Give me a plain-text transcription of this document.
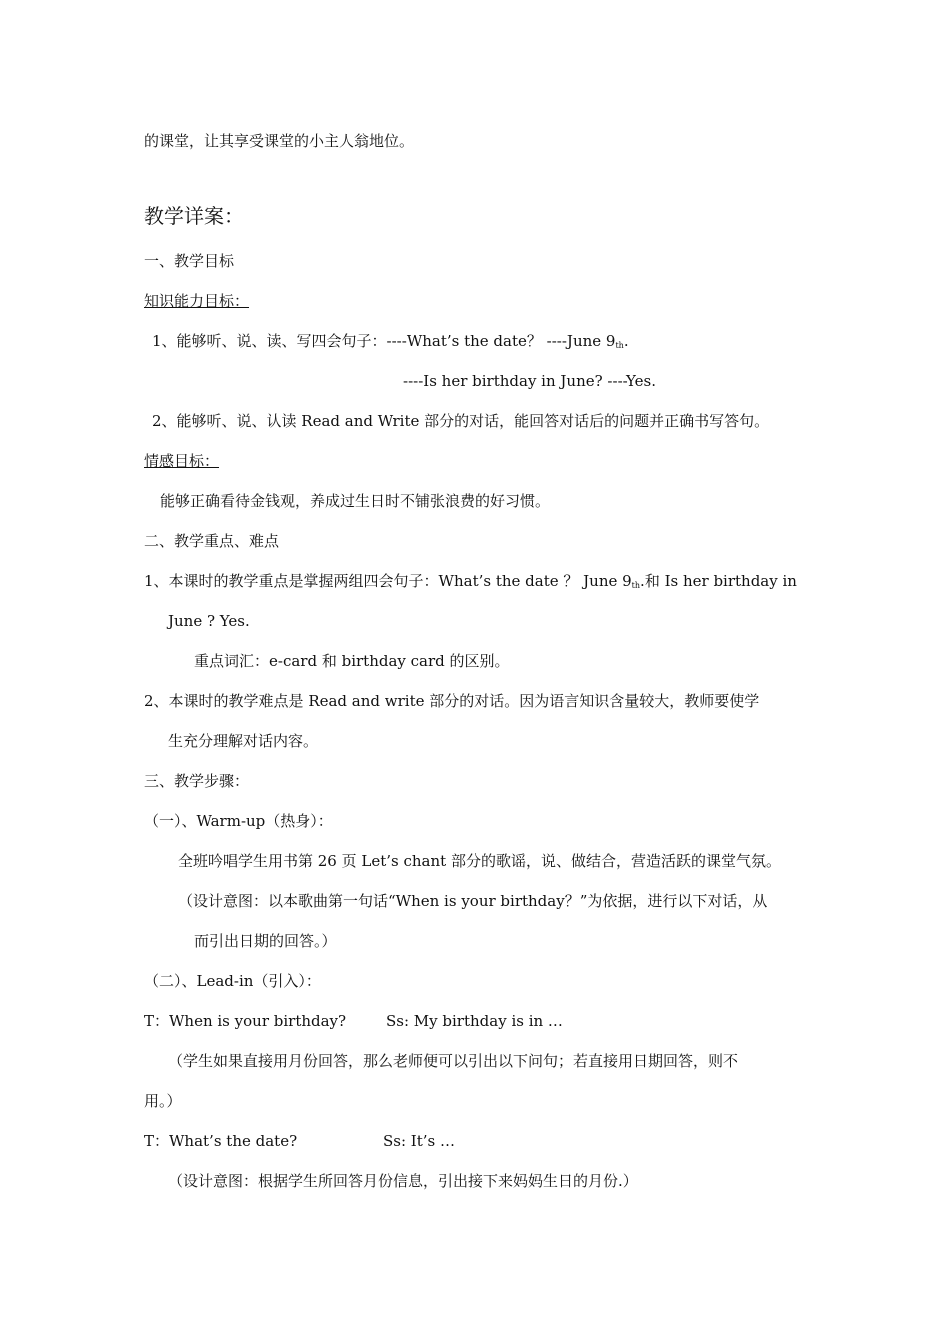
的课堂，让其享受课堂的小主人翁地位。
教学详案：
一、教学目标
知识能力目标：
1、能够听、说、读、写四会句子：----What’s the date？ ----June 9th.
----Is her birthday in June? ----Yes.
2、能够听、说、认读 Read and Write 部分的对话，能回答对话后的问题并正确书写答句。
情感目标：
能够正确看待金钱观，养成过生日时不铺张浪费的好习惯。
二、教学重点、难点
1、本课时的教学重点是掌握两组四会句子：What’s the date ？ June 9th.和 Is her birthday in
June ? Yes.
重点词汇：e-card 和 birthday card 的区别。
2、本课时的教学难点是 Read and write 部分的对话。因为语言知识含量较大，教师要使学
生充分理解对话内容。
三、教学步骤：
（一）、Warm-up（热身）：
全班吟唱学生用书第 26 页 Let’s chant 部分的歌谣，说、做结合，营造活跃的课堂气氛。
（设计意图：以本歌曲第一句话“When is your birthday？”为依据，进行以下对话，从
而引出日期的回答。）
（二）、Lead-in（引入）：
T：When is your birthday?	Ss: My birthday is in …
（学生如果直接用月份回答，那么老师便可以引出以下问句；若直接用日期回答，则不
用。）
T：What’s the date?	Ss: It’s …
（设计意图：根据学生所回答月份信息，引出接下来妈妈生日的月份.）
